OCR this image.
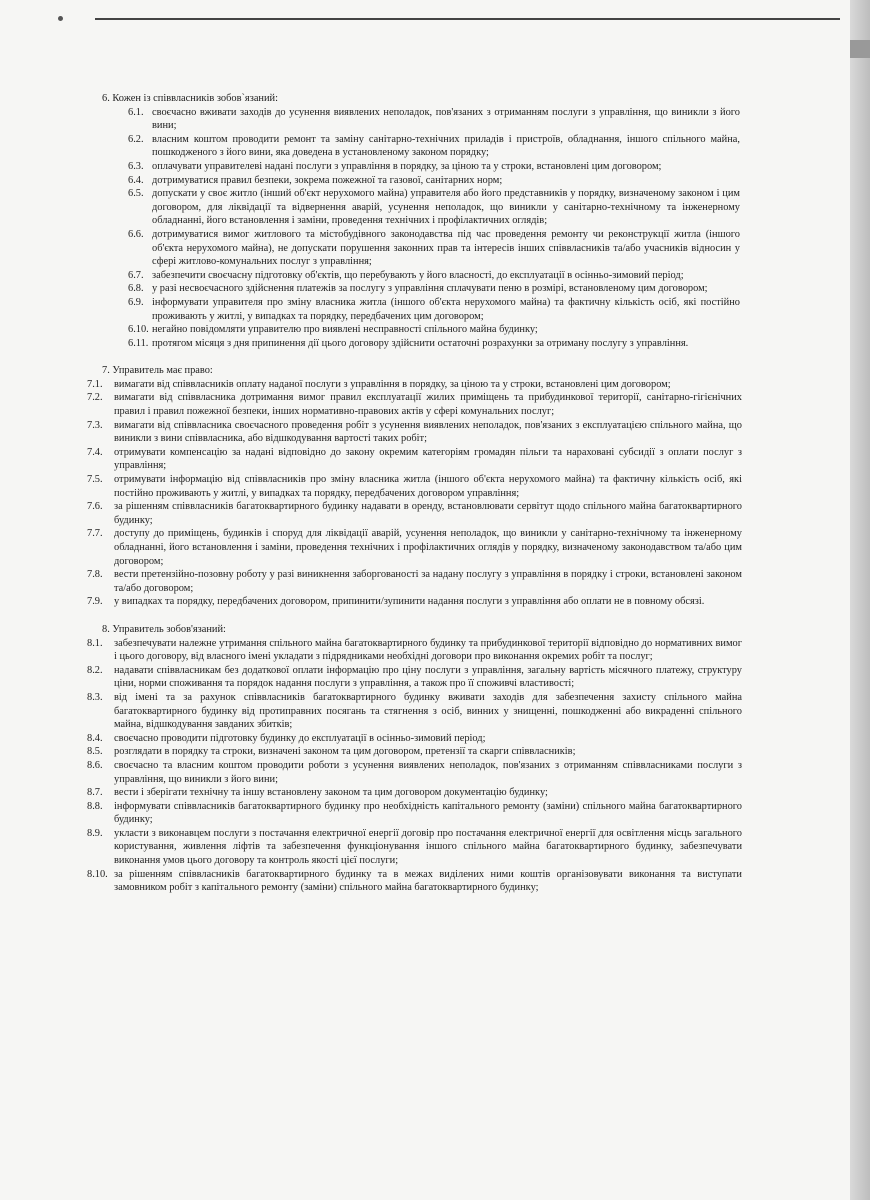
6. Кожен із співвласників зобов`язаний:
6.1. своєчасно вживати заходів до усунення виявлених неполадок, пов'язаних з отриманням послуги з управління, що виникли з його вини;
6.2. власним коштом проводити ремонт та заміну санітарно-технічних приладів і пристроїв, обладнання, іншого спільного майна, пошкодженого з його вини, яка доведена в установленому законом порядку;
6.3. оплачувати управителеві надані послуги з управління в порядку, за ціною та у строки, встановлені цим договором;
6.4. дотримуватися правил безпеки, зокрема пожежної та газової, санітарних норм;
6.5. допускати у своє житло (інший об'єкт нерухомого майна) управителя або його представників у порядку, визначеному законом і цим договором, для ліквідації та відвернення аварій, усунення неполадок, що виникли у санітарно-технічному та інженерному обладнанні, його встановлення і заміни, проведення технічних і профілактичних оглядів;
6.6. дотримуватися вимог житлового та містобудівного законодавства під час проведення ремонту чи реконструкції житла (іншого об'єкта нерухомого майна), не допускати порушення законних прав та інтересів інших співвласників та/або учасників відносин у сфері житлово-комунальних послуг з управління;
6.7. забезпечити своєчасну підготовку об'єктів, що перебувають у його власності, до експлуатації в осінньо-зимовий період;
6.8. у разі несвоєчасного здійснення платежів за послугу з управління сплачувати пеню в розмірі, встановленому цим договором;
6.9. інформувати управителя про зміну власника житла (іншого об'єкта нерухомого майна) та фактичну кількість осіб, які постійно проживають у житлі, у випадках та порядку, передбачених цим договором;
6.10. негайно повідомляти управителю про виявлені несправності спільного майна будинку;
6.11. протягом місяця з дня припинення дії цього договору здійснити остаточні розрахунки за отриману послугу з управління.
7. Управитель має право:
7.1. вимагати від співвласників оплату наданої послуги з управління в порядку, за ціною та у строки, встановлені цим договором;
7.2. вимагати від співвласника дотримання вимог правил експлуатації жилих приміщень та прибудинкової території, санітарно-гігієнічних правил і правил пожежної безпеки, інших нормативно-правових актів у сфері комунальних послуг;
7.3. вимагати від співвласника своєчасного проведення робіт з усунення виявлених неполадок, пов'язаних з експлуатацією спільного майна, що виникли з вини співвласника, або відшкодування вартості таких робіт;
7.4. отримувати компенсацію за надані відповідно до закону окремим категоріям громадян пільги та нараховані субсидії з оплати послуг з управління;
7.5. отримувати інформацію від співвласників про зміну власника житла (іншого об'єкта нерухомого майна) та фактичну кількість осіб, які постійно проживають у житлі, у випадках та порядку, передбачених договором управління;
7.6. за рішенням співвласників багатоквартирного будинку надавати в оренду, встановлювати сервітут щодо спільного майна багатоквартирного будинку;
7.7. доступу до приміщень, будинків і споруд для ліквідації аварій, усунення неполадок, що виникли у санітарно-технічному та інженерному обладнанні, його встановлення і заміни, проведення технічних і профілактичних оглядів у порядку, визначеному законодавством та/або цим договором;
7.8. вести претензійно-позовну роботу у разі виникнення заборгованості за надану послугу з управління в порядку і строки, встановлені законом та/або договором;
7.9. у випадках та порядку, передбачених договором, припинити/зупинити надання послуги з управління або оплати не в повному обсязі.
8. Управитель зобов'язаний:
8.1. забезпечувати належне утримання спільного майна багатоквартирного будинку та прибудинкової території відповідно до нормативних вимог і цього договору, від власного імені укладати з підрядниками необхідні договори про виконання окремих робіт та послуг;
8.2. надавати співвласникам без додаткової оплати інформацію про ціну послуги з управління, загальну вартість місячного платежу, структуру ціни, норми споживання та порядок надання послуги з управління, а також про її споживчі властивості;
8.3. від імені та за рахунок співвласників багатоквартирного будинку вживати заходів для забезпечення захисту спільного майна багатоквартирного будинку від протиправних посягань та стягнення з осіб, винних у знищенні, пошкодженні або викраденні спільного майна, відшкодування завданих збитків;
8.4. своєчасно проводити підготовку будинку до експлуатації в осінньо-зимовий період;
8.5. розглядати в порядку та строки, визначені законом та цим договором, претензії та скарги співвласників;
8.6. своєчасно та власним коштом проводити роботи з усунення виявлених неполадок, пов'язаних з отриманням співвласниками послуги з управління, що виникли з його вини;
8.7. вести і зберігати технічну та іншу встановлену законом та цим договором документацію будинку;
8.8. інформувати співвласників багатоквартирного будинку про необхідність капітального ремонту (заміни) спільного майна багатоквартирного будинку;
8.9. укласти з виконавцем послуги з постачання електричної енергії договір про постачання електричної енергії для освітлення місць загального користування, живлення ліфтів та забезпечення функціонування іншого спільного майна багатоквартирного будинку, забезпечувати виконання умов цього договору та контроль якості цієї послуги;
8.10. за рішенням співвласників багатоквартирного будинку та в межах виділених ними коштів організовувати виконання та виступати замовником робіт з капітального ремонту (заміни) спільного майна багатоквартирного будинку;
